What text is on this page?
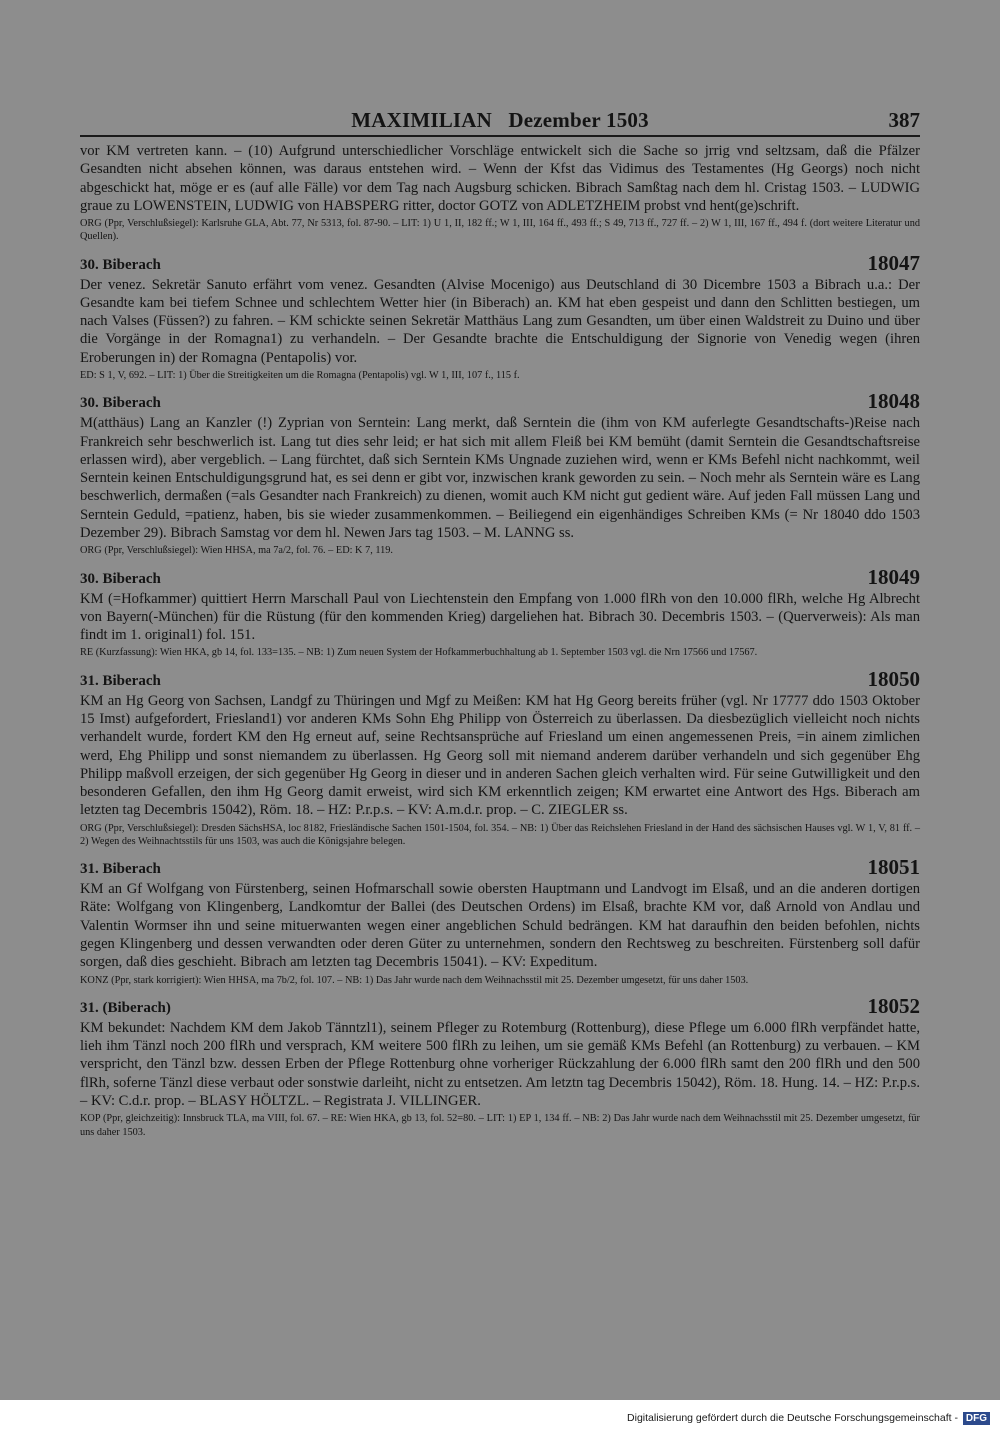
MAXIMILIAN   Dezember 1503	387

vor KM vertreten kann. – (10) Aufgrund unterschiedlicher Vorschläge entwickelt sich die Sache so jrrig vnd seltzsam, daß die Pfälzer Gesandten nicht absehen können, was daraus entstehen wird. – Wenn der Kfst das Vidimus des Testamentes (Hg Georgs) noch nicht abgeschickt hat, möge er es (auf alle Fälle) vor dem Tag nach Augsburg schicken. Bibrach Samßtag nach dem hl. Cristag 1503. – LUDWIG graue zu LOWENSTEIN, LUDWIG von HABSPERG ritter, doctor GOTZ von ADLETZHEIM probst vnd hent(ge)schrift.

ORG (Ppr, Verschlußsiegel): Karlsruhe GLA, Abt. 77, Nr 5313, fol. 87-90. – LIT: 1) U 1, II, 182 ff.; W 1, III, 164 ff., 493 ff.; S 49, 713 ff., 727 ff. – 2) W 1, III, 167 ff., 494 f. (dort weitere Literatur und Quellen).

30. Biberach	18047

Der venez. Sekretär Sanuto erfährt vom venez. Gesandten (Alvise Mocenigo) aus Deutschland di 30 Dicembre 1503 a Bibrach u.a.: Der Gesandte kam bei tiefem Schnee und schlechtem Wetter hier (in Biberach) an. KM hat eben gespeist und dann den Schlitten bestiegen, um nach Valses (Füssen?) zu fahren. – KM schickte seinen Sekretär Matthäus Lang zum Gesandten, um über einen Waldstreit zu Duino und über die Vorgänge in der Romagna1) zu verhandeln. – Der Gesandte brachte die Entschuldigung der Signorie von Venedig wegen (ihren Eroberungen in) der Romagna (Pentapolis) vor.

ED: S 1, V, 692. – LIT: 1) Über die Streitigkeiten um die Romagna (Pentapolis) vgl. W 1, III, 107 f., 115 f.

30. Biberach	18048

M(atthäus) Lang an Kanzler (!) Zyprian von Serntein: Lang merkt, daß Serntein die (ihm von KM auferlegte Gesandtschafts-)Reise nach Frankreich sehr beschwerlich ist. Lang tut dies sehr leid; er hat sich mit allem Fleiß bei KM bemüht (damit Serntein die Gesandtschaftsreise erlassen wird), aber vergeblich. – Lang fürchtet, daß sich Serntein KMs Ungnade zuziehen wird, wenn er KMs Befehl nicht nachkommt, weil Serntein keinen Entschuldigungsgrund hat, es sei denn er gibt vor, inzwischen krank geworden zu sein. – Noch mehr als Serntein wäre es Lang beschwerlich, dermaßen (=als Gesandter nach Frankreich) zu dienen, womit auch KM nicht gut gedient wäre. Auf jeden Fall müssen Lang und Serntein Geduld, =patienz, haben, bis sie wieder zusammenkommen. – Beiliegend ein eigenhändiges Schreiben KMs (= Nr 18040 ddo 1503 Dezember 29). Bibrach Samstag vor dem hl. Newen Jars tag 1503. – M. LANNG ss.

ORG (Ppr, Verschlußsiegel): Wien HHSA, ma 7a/2, fol. 76. – ED: K 7, 119.

30. Biberach	18049

KM (=Hofkammer) quittiert Herrn Marschall Paul von Liechtenstein den Empfang von 1.000 flRh von den 10.000 flRh, welche Hg Albrecht von Bayern(-München) für die Rüstung (für den kommenden Krieg) dargeliehen hat. Bibrach 30. Decembris 1503. – (Querverweis): Als man findt im 1. original1) fol. 151.

RE (Kurzfassung): Wien HKA, gb 14, fol. 133=135. – NB: 1) Zum neuen System der Hofkammerbuchhaltung ab 1. September 1503 vgl. die Nrn 17566 und 17567.

31. Biberach	18050

KM an Hg Georg von Sachsen, Landgf zu Thüringen und Mgf zu Meißen: KM hat Hg Georg bereits früher (vgl. Nr 17777 ddo 1503 Oktober 15 Imst) aufgefordert, Friesland1) vor anderen KMs Sohn Ehg Philipp von Österreich zu überlassen. Da diesbezüglich vielleicht noch nichts verhandelt wurde, fordert KM den Hg erneut auf, seine Rechtsansprüche auf Friesland um einen angemessenen Preis, =in ainem zimlichen werd, Ehg Philipp und sonst niemandem zu überlassen. Hg Georg soll mit niemand anderem darüber verhandeln und sich gegenüber Ehg Philipp maßvoll erzeigen, der sich gegenüber Hg Georg in dieser und in anderen Sachen gleich verhalten wird. Für seine Gutwilligkeit und den besonderen Gefallen, den ihm Hg Georg damit erweist, wird sich KM erkenntlich zeigen; KM erwartet eine Antwort des Hgs. Biberach am letzten tag Decembris 15042), Röm. 18. – HZ: P.r.p.s. – KV: A.m.d.r. prop. – C. ZIEGLER ss.

ORG (Ppr, Verschlußsiegel): Dresden SächsHSA, loc 8182, Friesländische Sachen 1501-1504, fol. 354. – NB: 1) Über das Reichslehen Friesland in der Hand des sächsischen Hauses vgl. W 1, V, 81 ff. – 2) Wegen des Weihnachtsstils für uns 1503, was auch die Königsjahre belegen.

31. Biberach	18051

KM an Gf Wolfgang von Fürstenberg, seinen Hofmarschall sowie obersten Hauptmann und Landvogt im Elsaß, und an die anderen dortigen Räte: Wolfgang von Klingenberg, Landkomtur der Ballei (des Deutschen Ordens) im Elsaß, brachte KM vor, daß Arnold von Andlau und Valentin Wormser ihn und seine mituerwanten wegen einer angeblichen Schuld bedrängen. KM hat daraufhin den beiden befohlen, nichts gegen Klingenberg und dessen verwandten oder deren Güter zu unternehmen, sondern den Rechtsweg zu beschreiten. Fürstenberg soll dafür sorgen, daß dies geschieht. Bibrach am letzten tag Decembris 15041). – KV: Expeditum.

KONZ (Ppr, stark korrigiert): Wien HHSA, ma 7b/2, fol. 107. – NB: 1) Das Jahr wurde nach dem Weihnachsstil mit 25. Dezember umgesetzt, für uns daher 1503.

31. (Biberach)	18052

KM bekundet: Nachdem KM dem Jakob Tänntzl1), seinem Pfleger zu Rotemburg (Rottenburg), diese Pflege um 6.000 flRh verpfändet hatte, lieh ihm Tänzl noch 200 flRh und versprach, KM weitere 500 flRh zu leihen, um sie gemäß KMs Befehl (an Rottenburg) zu verbauen. – KM verspricht, den Tänzl bzw. dessen Erben der Pflege Rottenburg ohne vorheriger Rückzahlung der 6.000 flRh samt den 200 flRh und den 500 flRh, soferne Tänzl diese verbaut oder sonstwie darleiht, nicht zu entsetzen. Am letztn tag Decembris 15042), Röm. 18. Hung. 14. – HZ: P.r.p.s. – KV: C.d.r. prop. – BLASY HÖLTZL. – Registrata J. VILLINGER.

KOP (Ppr, gleichzeitig): Innsbruck TLA, ma VIII, fol. 67. – RE: Wien HKA, gb 13, fol. 52=80. – LIT: 1) EP 1, 134 ff. – NB: 2) Das Jahr wurde nach dem Weihnachsstil mit 25. Dezember umgesetzt, für uns daher 1503.

Digitalisierung gefördert durch die Deutsche Forschungsgemeinschaft - DFG
